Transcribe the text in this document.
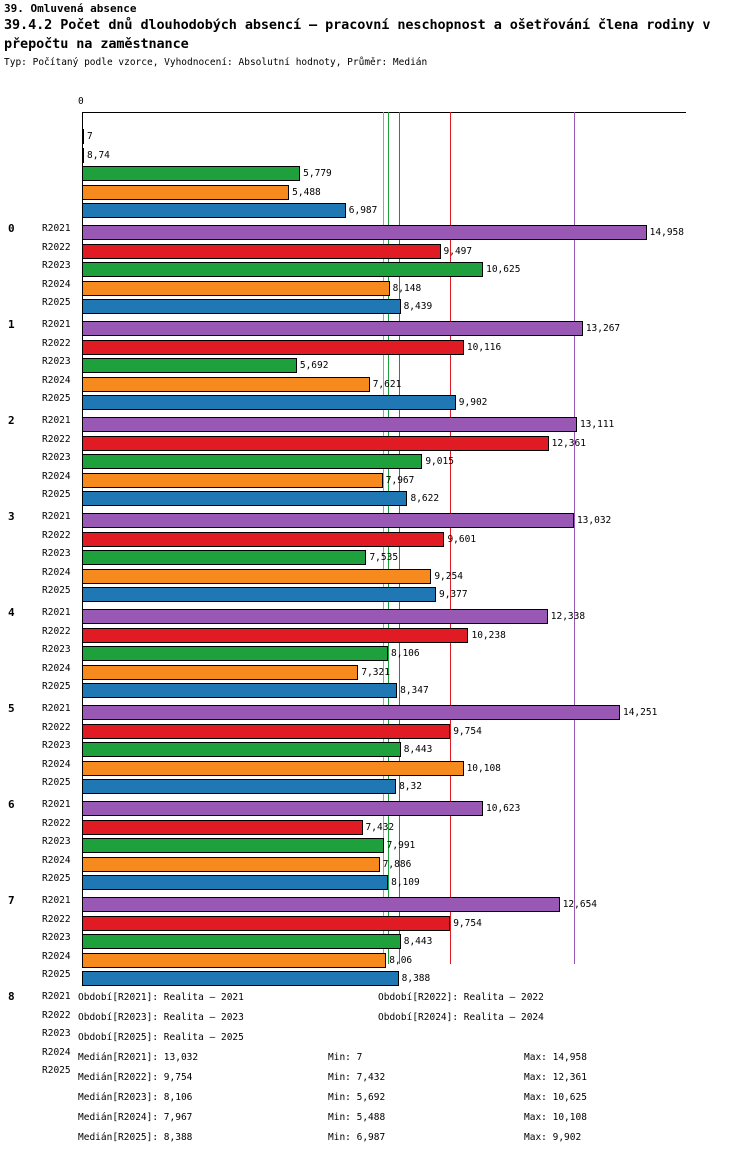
39. Omluvená absence
39.4.2 Počet dnů dlouhodobých absencí – pracovní neschopnost a ošetřování člena rodiny v přepočtu na zaměstnance
Typ: Počítaný podle vzorce, Vyhodnocení: Absolutní hodnoty, Průměr: Medián
0
7
8,74
5,779
5,488
6,987
14,958
9,497
10,625
8,148
8,439
13,267
10,116
5,692
7,621
9,902
13,111
12,361
9,015
7,967
8,622
13,032
9,601
7,535
9,254
9,377
12,338
10,238
8,106
7,321
8,347
14,251
9,754
8,443
10,108
8,32
10,623
7,432
7,991
7,886
8,109
12,654
9,754
8,443
8,06
8,388
0	R2021
R2022
R2023
R2024
R2025
1	R2021
R2022
R2023
R2024
R2025
2	R2021
R2022
R2023
R2024
R2025
3	R2021
R2022
R2023
R2024
R2025
4	R2021
R2022
R2023
R2024
R2025
5	R2021
R2022
R2023
R2024
R2025
6	R2021
R2022
R2023
R2024
R2025
7	R2021
R2022
R2023
R2024
R2025
8	R2021
R2022
R2023
R2024
R2025
Období[R2021]: Realita – 2021	Období[R2022]: Realita – 2022
Období[R2023]: Realita – 2023	Období[R2024]: Realita – 2024
Období[R2025]: Realita – 2025
Medián[R2021]: 13,032	Min: 7	Max: 14,958
Medián[R2022]: 9,754	Min: 7,432	Max: 12,361
Medián[R2023]: 8,106	Min: 5,692	Max: 10,625
Medián[R2024]: 7,967	Min: 5,488	Max: 10,108
Medián[R2025]: 8,388	Min: 6,987	Max: 9,902
